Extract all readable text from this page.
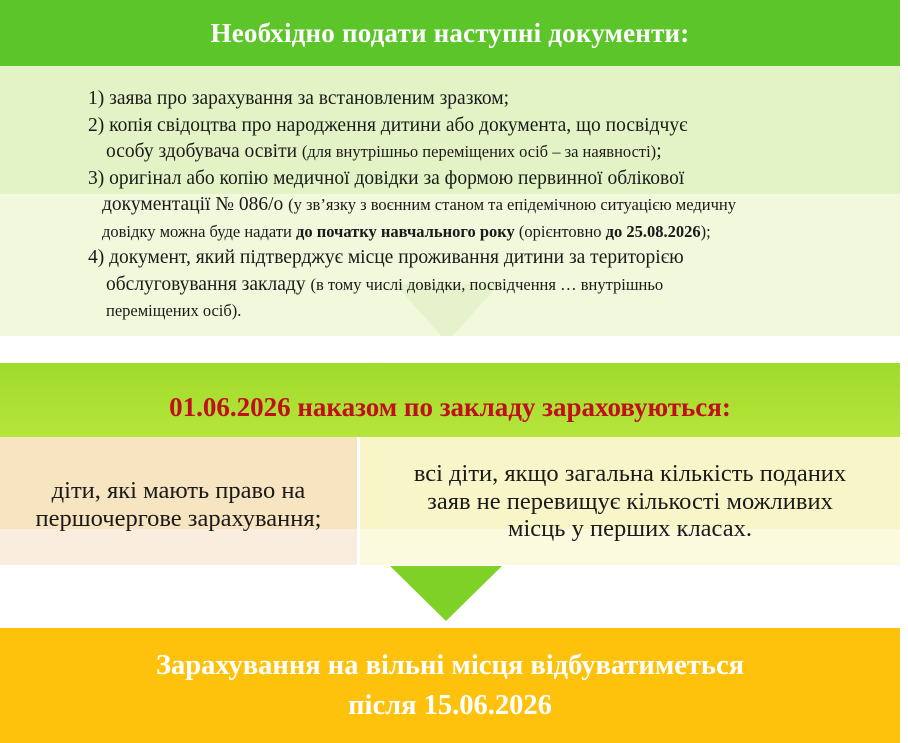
Необхідно подати наступні документи:
1) заява про зарахування за встановленим зразком;
2) копія свідоцтва про народження дитини або документа, що посвідчує
особу здобувача освіти (для внутрішньо переміщених осіб – за наявності);
3) оригінал або копію медичної довідки за формою первинної облікової
документації № 086/о (у зв’язку з воєнним станом та епідемічною ситуацією медичну
довідку можна буде надати до початку навчального року (орієнтовно до 25.08.2026);
4) документ, який підтверджує місце проживання дитини за територією
обслуговування закладу (в тому числі довідки, посвідчення … внутрішньо
переміщених осіб).
01.06.2026 наказом по закладу зараховуються:
діти, які мають право на
першочергове зарахування;
всі діти, якщо загальна кількість поданих
заяв не перевищує кількості можливих
місць у перших класах.
Зарахування на вільні місця відбуватиметься
після 15.06.2026
